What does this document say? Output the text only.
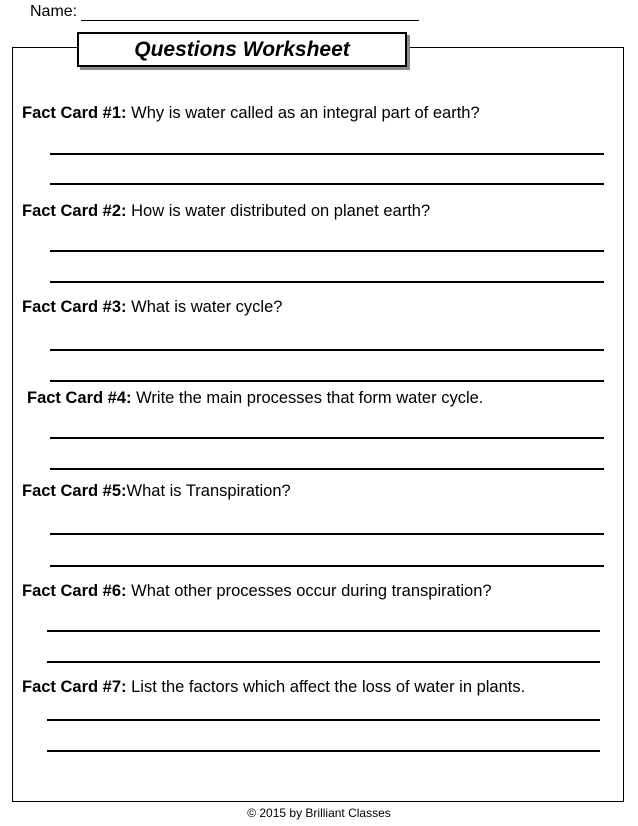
Name:
Questions Worksheet
Fact Card #1: Why is water called as an integral part of earth?
Fact Card #2: How is water distributed on planet earth?
Fact Card #3: What is water cycle?
Fact Card #4: Write the main processes that form water cycle.
Fact Card #5:What is Transpiration?
Fact Card #6: What other processes occur during transpiration?
Fact Card #7: List the factors which affect the loss of water in plants.
© 2015 by Brilliant Classes
